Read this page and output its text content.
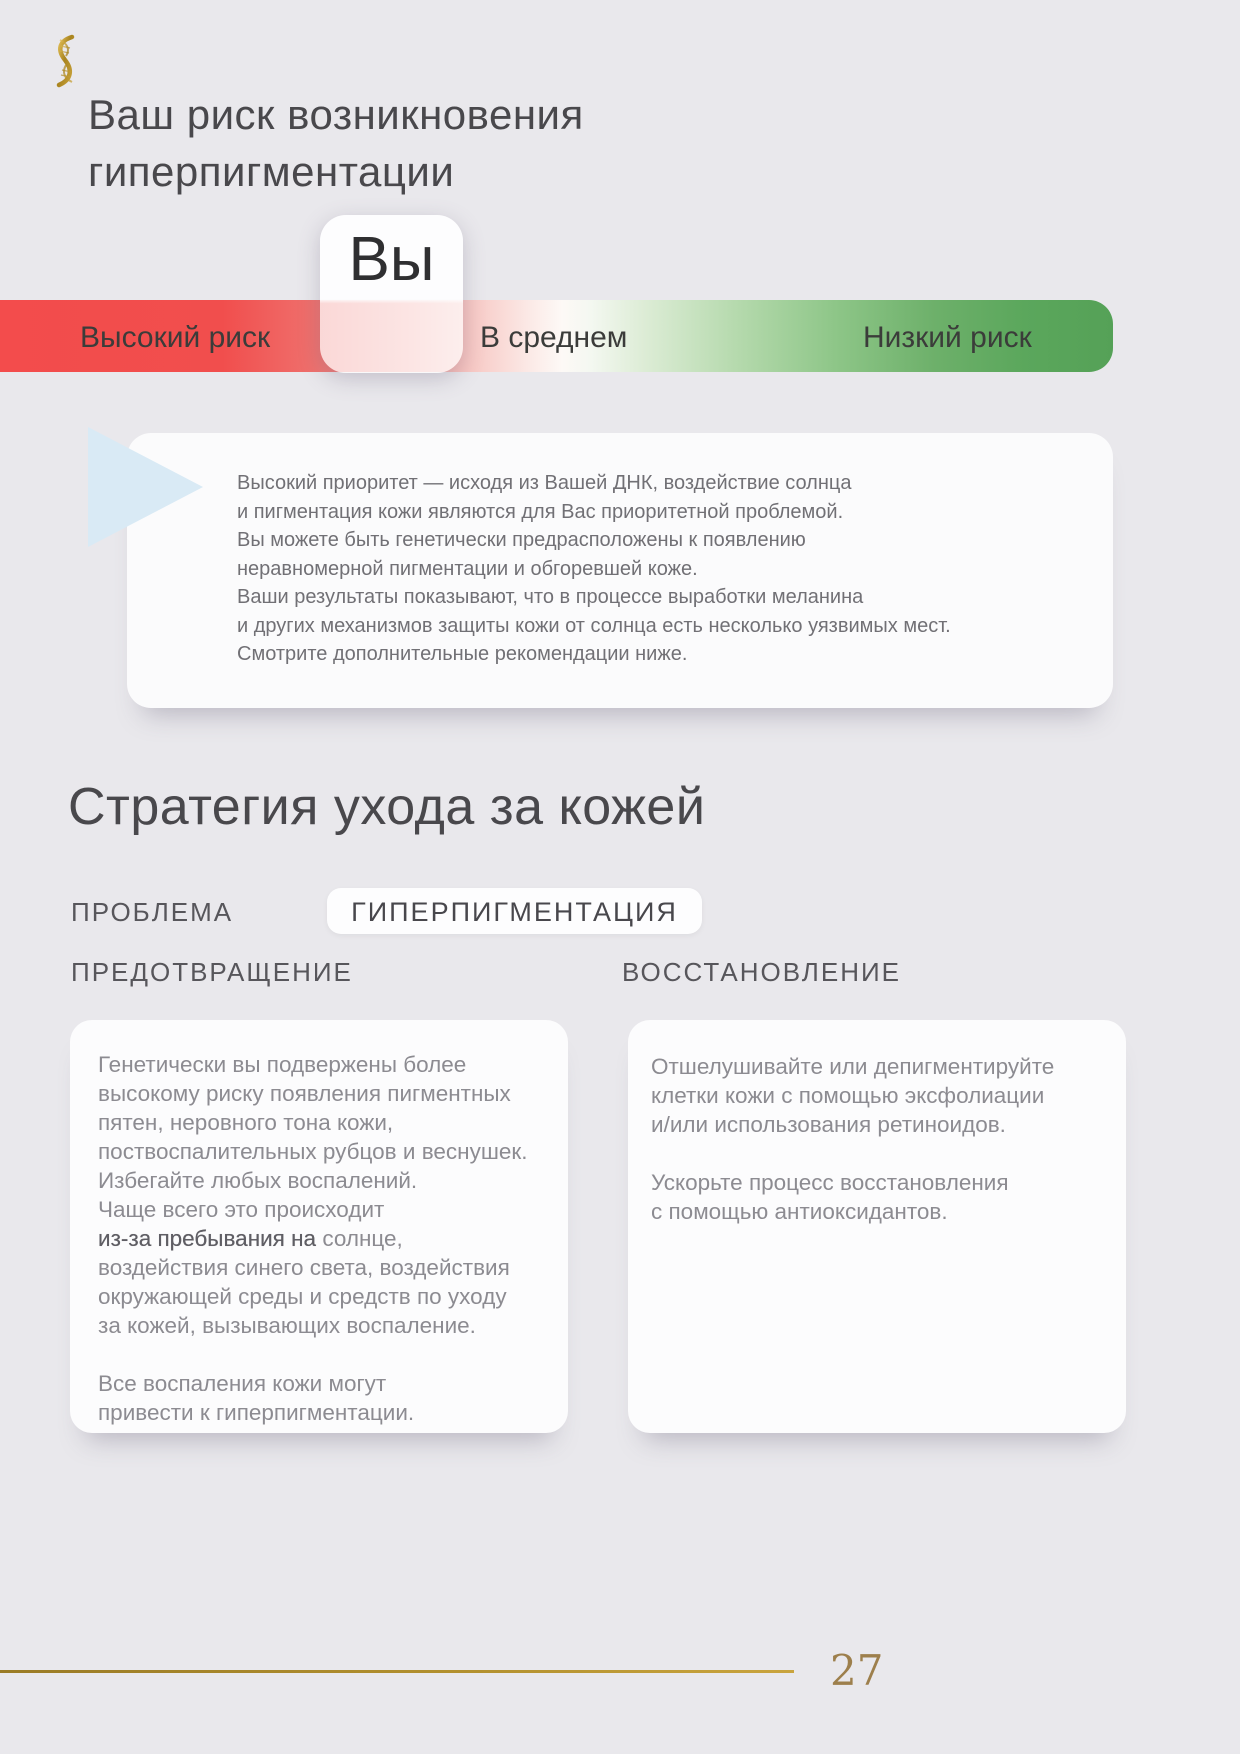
Ваш риск возникновения
гиперпигментации
Высокий риск	В среднем	Низкий риск
Вы
Высокий приоритет — исходя из Вашей ДНК, воздействие солнца
и пигментация кожи являются для Вас приоритетной проблемой.
Вы можете быть генетически предрасположены к появлению
неравномерной пигментации и обгоревшей коже.
Ваши результаты показывают, что в процессе выработки меланина
и других механизмов защиты кожи от солнца есть несколько уязвимых мест.
Смотрите дополнительные рекомендации ниже.
Стратегия ухода за кожей
ПРОБЛЕМА	ГИПЕРПИГМЕНТАЦИЯ
ПРЕДОТВРАЩЕНИЕ	ВОССТАНОВЛЕНИЕ
Генетически вы подвержены более
высокому риску появления пигментных
пятен, неровного тона кожи,
поствоспалительных рубцов и веснушек.
Избегайте любых воспалений.
Чаще всего это происходит
из-за пребывания на солнце,
воздействия синего света, воздействия
окружающей среды и средств по уходу
за кожей, вызывающих воспаление.

Все воспаления кожи могут
привести к гиперпигментации.
Отшелушивайте или депигментируйте
клетки кожи с помощью эксфолиации
и/или использования ретиноидов.

Ускорьте процесс восстановления
с помощью антиоксидантов.
27
